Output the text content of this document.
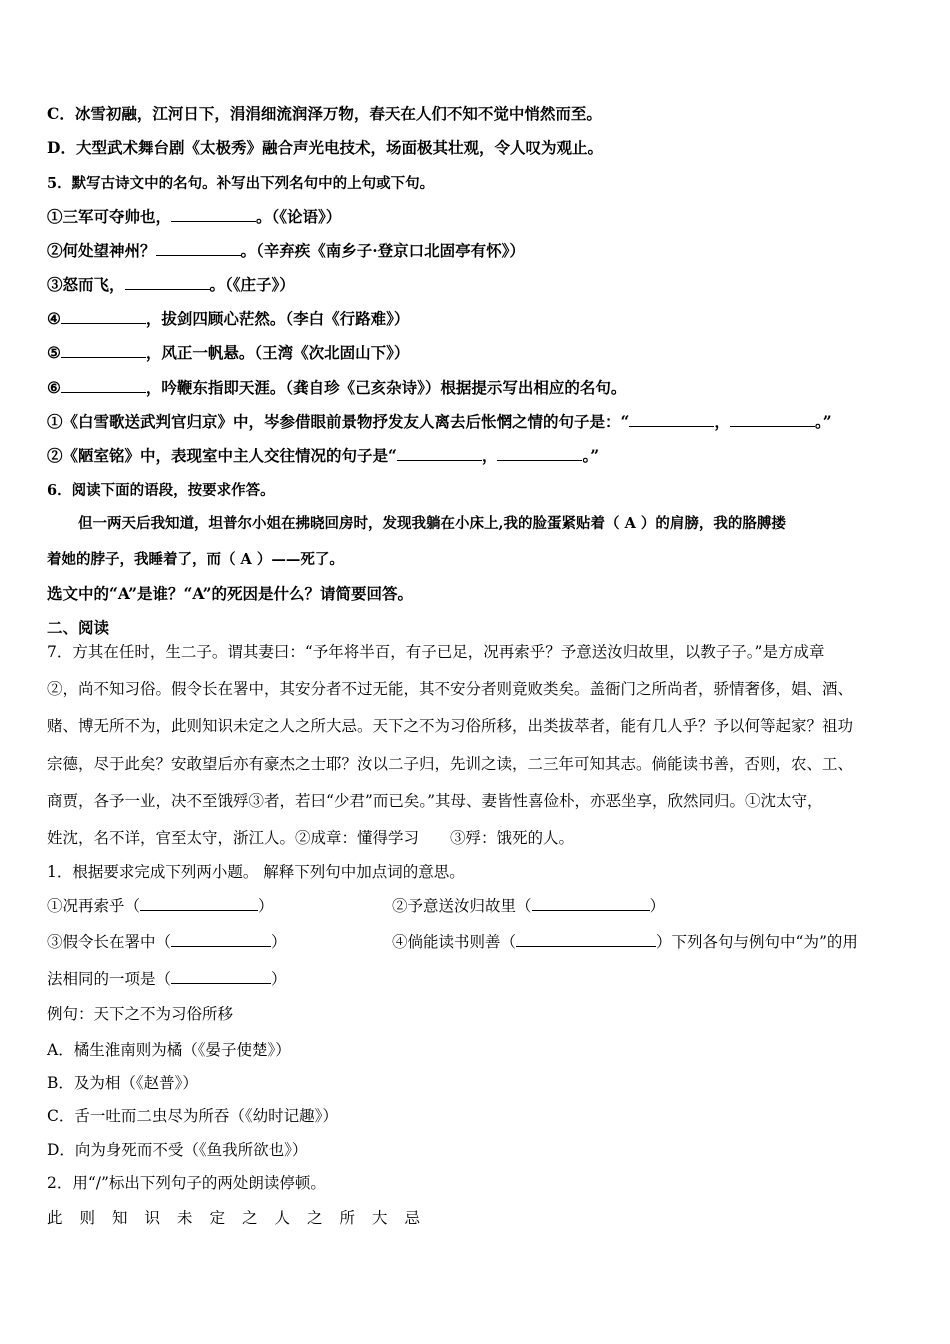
C．冰雪初融，江河日下，涓涓细流润泽万物，春天在人们不知不觉中悄然而至。
D．大型武术舞台剧《太极秀》融合声光电技术，场面极其壮观，令人叹为观止。
5．默写古诗文中的名句。补写出下列名句中的上句或下句。
①三军可夺帅也，	。（《论语》）
②何处望神州？	。（辛弃疾《南乡子·登京口北固亭有怀》）
③怒而飞，	。（《庄子》）
④	，拔剑四顾心茫然。（李白《行路难》）
⑤	，风正一帆悬。（王湾《次北固山下》）
⑥	，吟鞭东指即天涯。（龚自珍《己亥杂诗》）根据提示写出相应的名句。
①《白雪歌送武判官归京》中，岑参借眼前景物抒发友人离去后怅惘之情的句子是：“	，	。”
②《陋室铭》中，表现室中主人交往情况的句子是“	，	。”
6．阅读下面的语段，按要求作答。
但一两天后我知道，坦普尔小姐在拂晓回房时，发现我躺在小床上,我的脸蛋紧贴着（ A ）的肩膀，我的胳膊搂
着她的脖子，我睡着了，而（ A ）——死了。
选文中的“A”是谁？“A”的死因是什么？请简要回答。
二、阅读
7．方其在任时，生二子。谓其妻曰：“予年将半百，有子已足，况再索乎？予意送汝归故里，以教子子。”是方成章
②，尚不知习俗。假令长在署中，其安分者不过无能，其不安分者则竟败类矣。盖衙门之所尚者，骄情奢侈，娼、酒、
赌、博无所不为，此则知识未定之人之所大忌。天下之不为习俗所移，出类拔萃者，能有几人乎？予以何等起家？祖功
宗德，尽于此矣？安敢望后亦有豪杰之士耶？汝以二子归，先训之读，二三年可知其志。倘能读书善，否则，农、工、
商贾，各予一业，决不至饿殍③者，若曰“少君”而已矣。”其母、妻皆性喜俭朴，亦恶坐享，欣然同归。①沈太守，
姓沈，名不详，官至太守，浙江人。②成章：懂得学习　　③殍：饿死的人。
1．根据要求完成下列两小题。 解释下列句中加点词的意思。
①况再索乎（	）	②予意送汝归故里（	）
③假令长在署中（	）	④倘能读书则善（	）下列各句与例句中“为”的用
法相同的一项是（	）
例句：天下之不为习俗所移
A．橘生淮南则为橘（《晏子使楚》）
B．及为相（《赵普》）
C．舌一吐而二虫尽为所吞（《幼时记趣》）
D．向为身死而不受（《鱼我所欲也》）
2．用“/”标出下列句子的两处朗读停顿。
此则知识未定之人之所大忌
